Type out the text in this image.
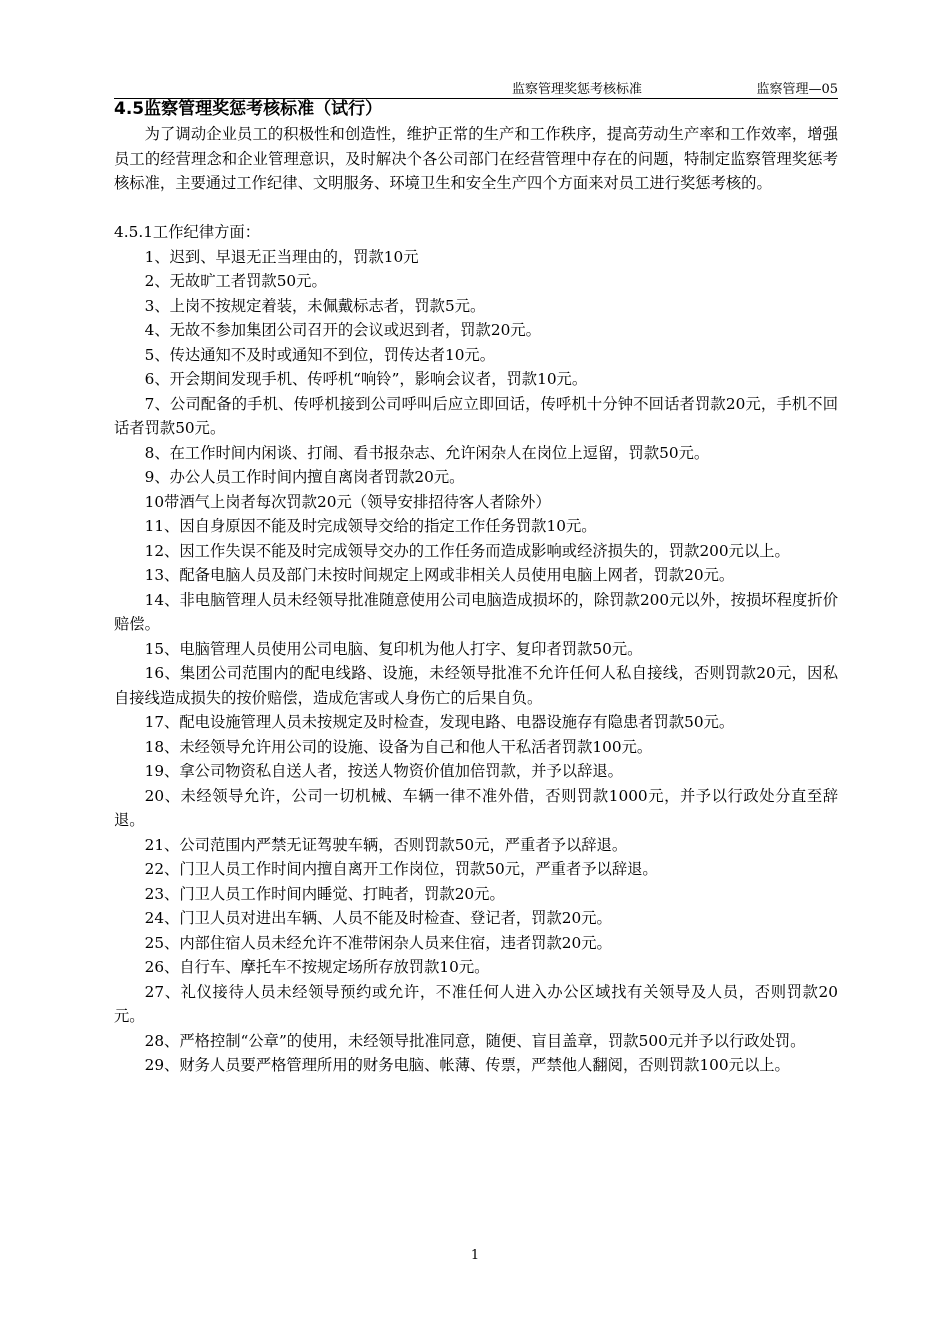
监察管理奖惩考核标准	监察管理—05
4.5监察管理奖惩考核标准（试行）

为了调动企业员工的积极性和创造性，维护正常的生产和工作秩序，提高劳动生产率和工作效率，增强员工的经营理念和企业管理意识，及时解决个各公司部门在经营管理中存在的问题，特制定监察管理奖惩考核标准，主要通过工作纪律、文明服务、环境卫生和安全生产四个方面来对员工进行奖惩考核的。

4.5.1工作纪律方面：

1、迟到、早退无正当理由的，罚款10元

2、无故旷工者罚款50元。

3、上岗不按规定着装，未佩戴标志者，罚款5元。

4、无故不参加集团公司召开的会议或迟到者，罚款20元。

5、传达通知不及时或通知不到位，罚传达者10元。

6、开会期间发现手机、传呼机“响铃”，影响会议者，罚款10元。

7、公司配备的手机、传呼机接到公司呼叫后应立即回话，传呼机十分钟不回话者罚款20元，手机不回话者罚款50元。

8、在工作时间内闲谈、打闹、看书报杂志、允许闲杂人在岗位上逗留，罚款50元。

9、办公人员工作时间内擅自离岗者罚款20元。

10带酒气上岗者每次罚款20元（领导安排招待客人者除外）

11、因自身原因不能及时完成领导交给的指定工作任务罚款10元。

12、因工作失误不能及时完成领导交办的工作任务而造成影响或经济损失的，罚款200元以上。

13、配备电脑人员及部门未按时间规定上网或非相关人员使用电脑上网者，罚款20元。

14、非电脑管理人员未经领导批准随意使用公司电脑造成损坏的，除罚款200元以外，按损坏程度折价赔偿。

15、电脑管理人员使用公司电脑、复印机为他人打字、复印者罚款50元。

16、集团公司范围内的配电线路、设施，未经领导批准不允许任何人私自接线，否则罚款20元，因私自接线造成损失的按价赔偿，造成危害或人身伤亡的后果自负。

17、配电设施管理人员未按规定及时检查，发现电路、电器设施存有隐患者罚款50元。

18、未经领导允许用公司的设施、设备为自己和他人干私活者罚款100元。

19、拿公司物资私自送人者，按送人物资价值加倍罚款，并予以辞退。

20、未经领导允许，公司一切机械、车辆一律不准外借，否则罚款1000元，并予以行政处分直至辞退。

21、公司范围内严禁无证驾驶车辆，否则罚款50元，严重者予以辞退。

22、门卫人员工作时间内擅自离开工作岗位，罚款50元，严重者予以辞退。

23、门卫人员工作时间内睡觉、打盹者，罚款20元。

24、门卫人员对进出车辆、人员不能及时检查、登记者，罚款20元。

25、内部住宿人员未经允许不准带闲杂人员来住宿，违者罚款20元。

26、自行车、摩托车不按规定场所存放罚款10元。

27、礼仪接待人员未经领导预约或允许，不准任何人进入办公区域找有关领导及人员，否则罚款20元。

28、严格控制“公章”的使用，未经领导批准同意，随便、盲目盖章，罚款500元并予以行政处罚。

29、财务人员要严格管理所用的财务电脑、帐薄、传票，严禁他人翻阅，否则罚款100元以上。

1
